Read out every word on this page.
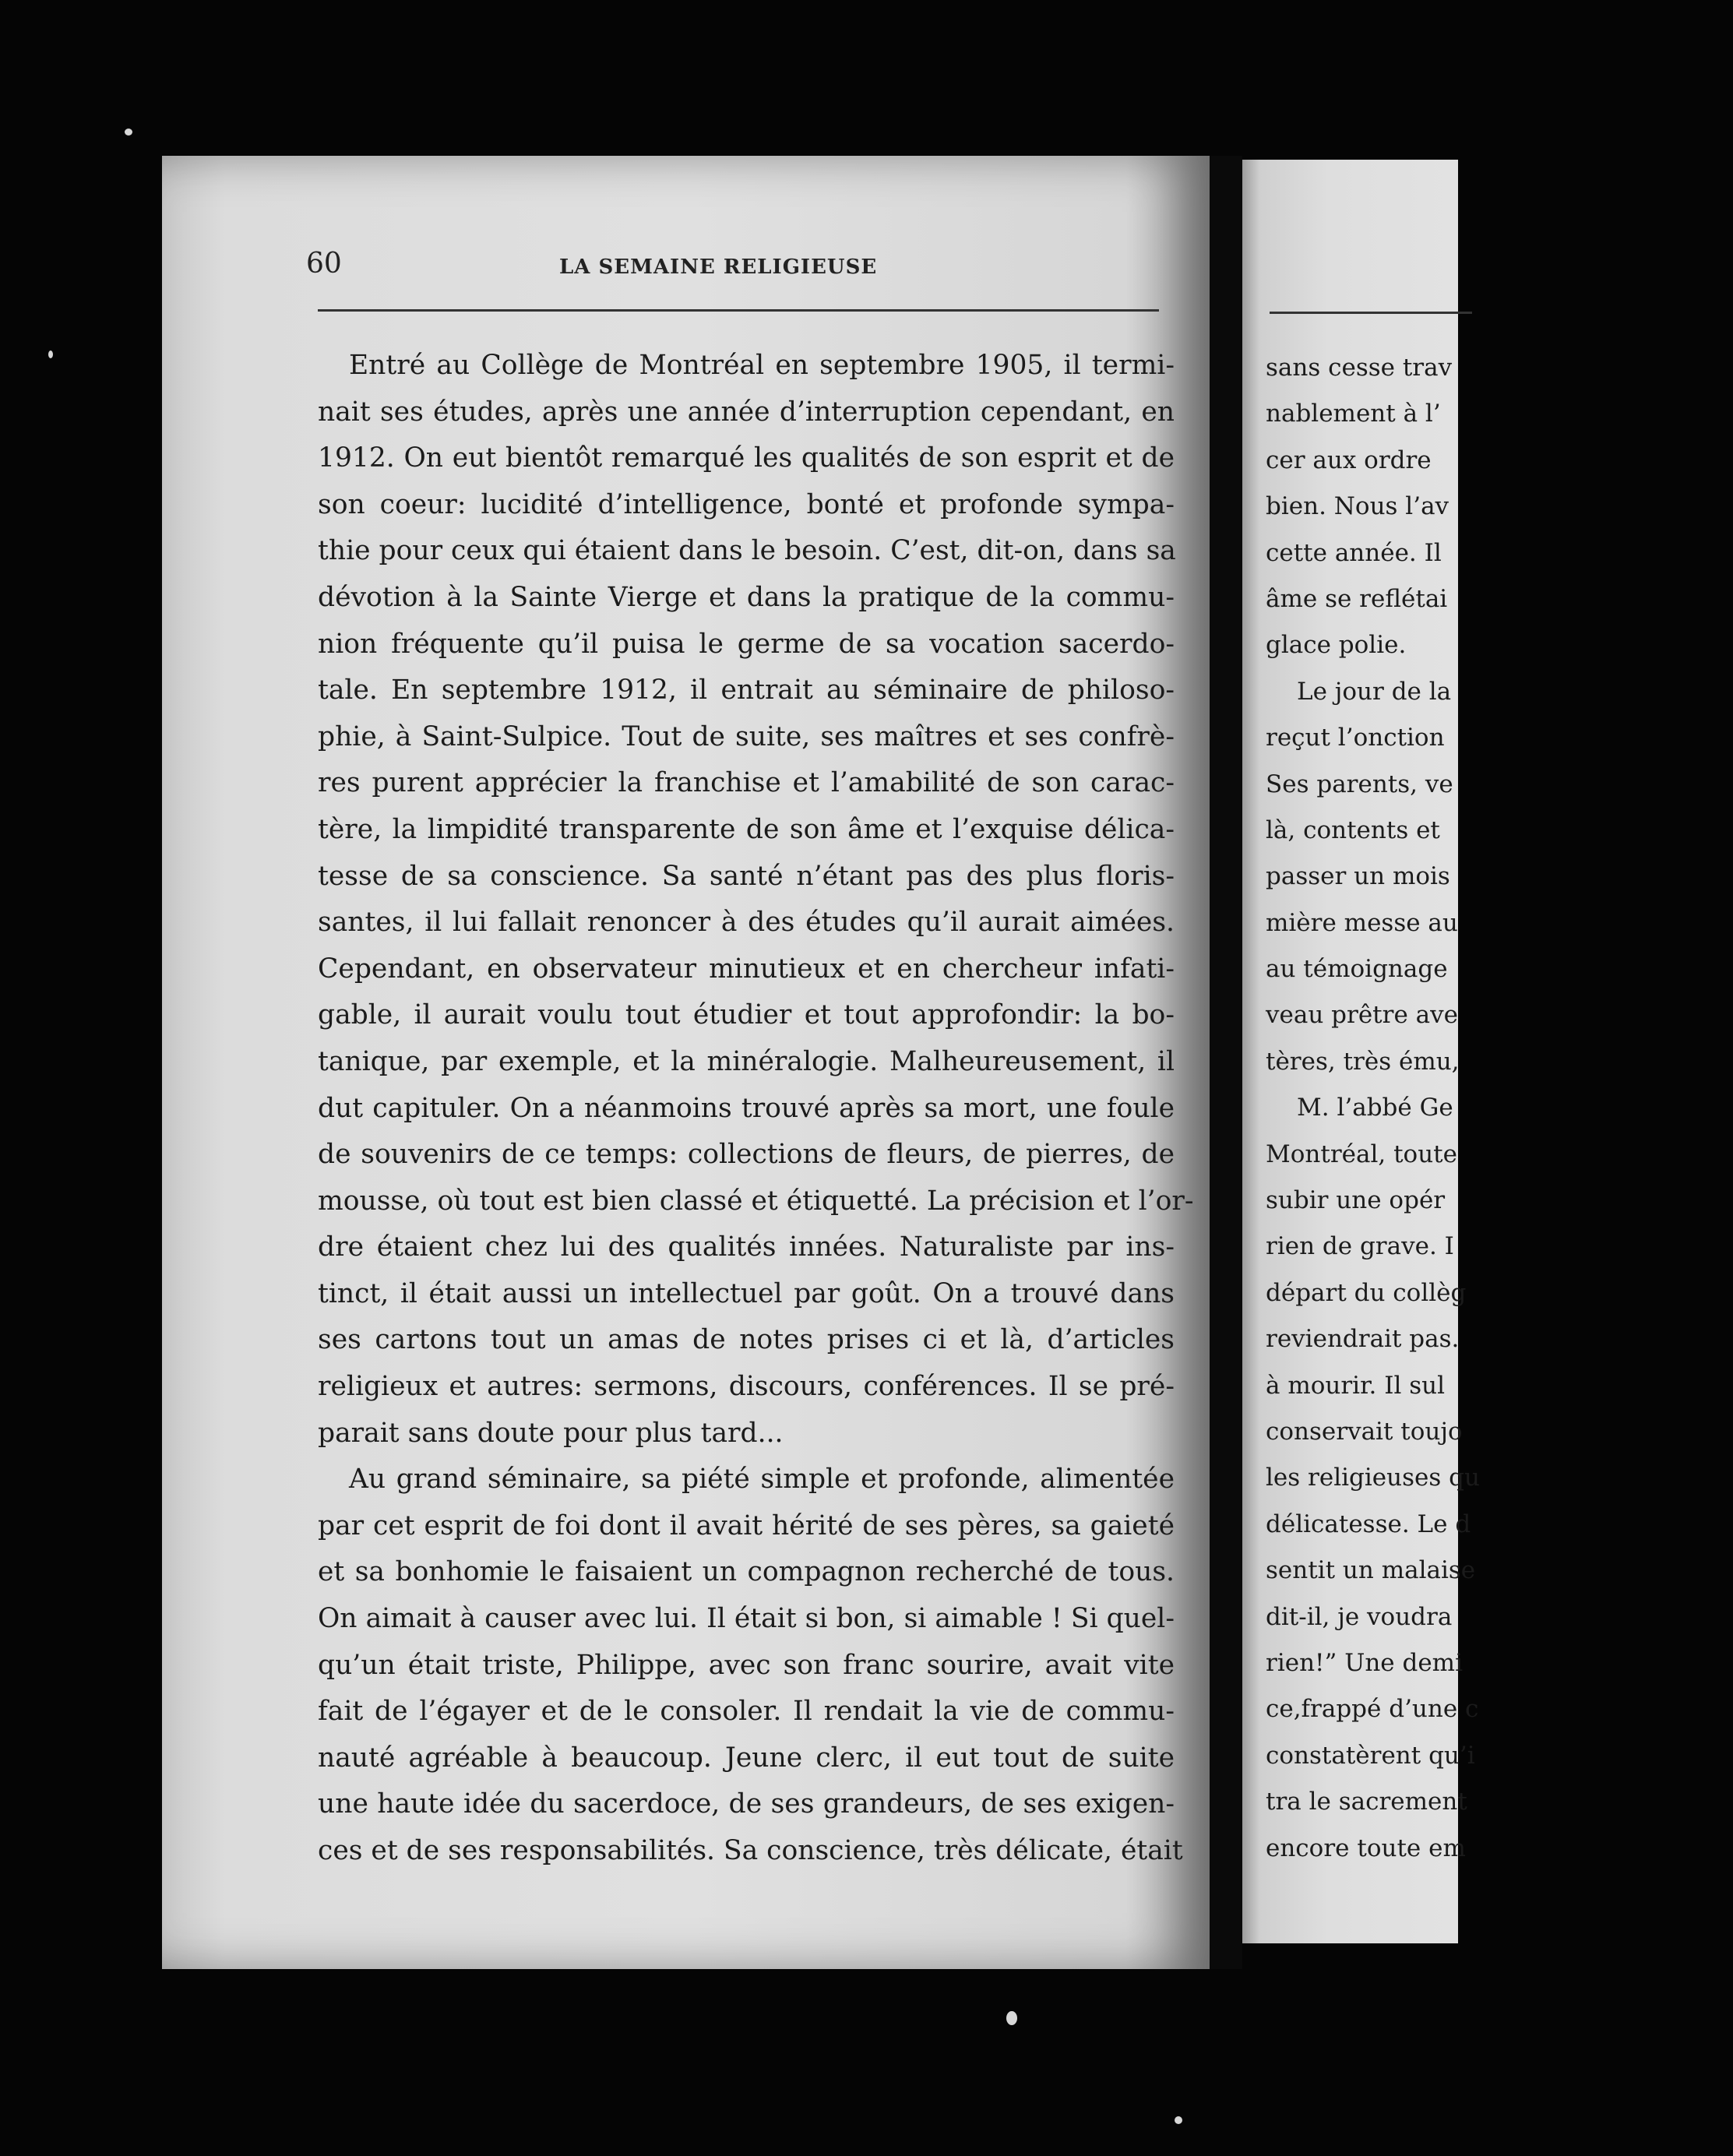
60	LA SEMAINE RELIGIEUSE
Entré au Collège de Montréal en septembre 1905, il termi-
nait ses études, après une année d’interruption cependant, en
1912. On eut bientôt remarqué les qualités de son esprit et de
son coeur: lucidité d’intelligence, bonté et profonde sympa-
thie pour ceux qui étaient dans le besoin. C’est, dit-on, dans sa
dévotion à la Sainte Vierge et dans la pratique de la commu-
nion fréquente qu’il puisa le germe de sa vocation sacerdo-
tale. En septembre 1912, il entrait au séminaire de philoso-
phie, à Saint-Sulpice. Tout de suite, ses maîtres et ses confrè-
res purent apprécier la franchise et l’amabilité de son carac-
tère, la limpidité transparente de son âme et l’exquise délica-
tesse de sa conscience. Sa santé n’étant pas des plus floris-
santes, il lui fallait renoncer à des études qu’il aurait aimées.
Cependant, en observateur minutieux et en chercheur infati-
gable, il aurait voulu tout étudier et tout approfondir: la bo-
tanique, par exemple, et la minéralogie. Malheureusement, il
dut capituler. On a néanmoins trouvé après sa mort, une foule
de souvenirs de ce temps: collections de fleurs, de pierres, de
mousse, où tout est bien classé et étiquetté. La précision et l’or-
dre étaient chez lui des qualités innées. Naturaliste par ins-
tinct, il était aussi un intellectuel par goût. On a trouvé dans
ses cartons tout un amas de notes prises ci et là, d’articles
religieux et autres: sermons, discours, conférences. Il se pré-
parait sans doute pour plus tard...
Au grand séminaire, sa piété simple et profonde, alimentée
par cet esprit de foi dont il avait hérité de ses pères, sa gaieté
et sa bonhomie le faisaient un compagnon recherché de tous.
On aimait à causer avec lui. Il était si bon, si aimable ! Si quel-
qu’un était triste, Philippe, avec son franc sourire, avait vite
fait de l’égayer et de le consoler. Il rendait la vie de commu-
nauté agréable à beaucoup. Jeune clerc, il eut tout de suite
une haute idée du sacerdoce, de ses grandeurs, de ses exigen-
ces et de ses responsabilités. Sa conscience, très délicate, était
sans cesse trav
nablement à l’
cer aux ordre
bien. Nous l’av
cette année. Il
âme se reflétai
glace polie.
Le jour de la
reçut l’onction
Ses parents, ve
là, contents et
passer un mois
mière messe au
au témoignage
veau prêtre ave
tères, très ému,
M. l’abbé Ge
Montréal, toute
subir une opér
rien de grave. I
départ du collèg
reviendrait pas.
à mourir. Il sul
conservait toujo
les religieuses qu
délicatesse. Le d
sentit un malaise
dit-il, je voudra
rien!” Une demi
ce,frappé d’une c
constatèrent qu’i
tra le sacrement
encore toute em
